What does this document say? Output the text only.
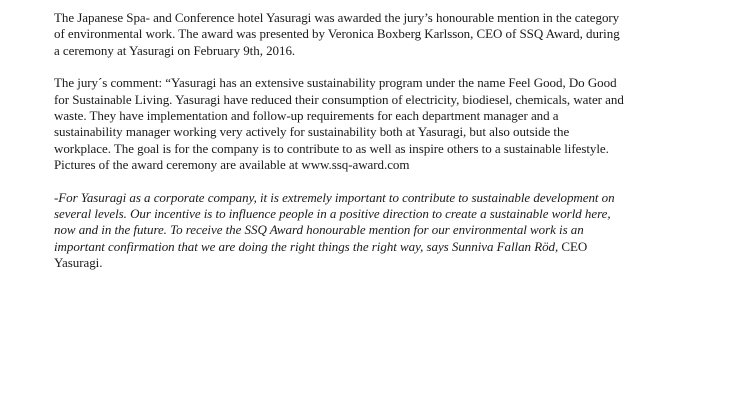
The Japanese Spa- and Conference hotel Yasuragi was awarded the jury’s honourable mention in the category of environmental work. The award was presented by Veronica Boxberg Karlsson, CEO of SSQ Award, during a ceremony at Yasuragi on February 9th, 2016.

The jury´s comment: “Yasuragi has an extensive sustainability program under the name Feel Good, Do Good for Sustainable Living. Yasuragi have reduced their consumption of electricity, biodiesel, chemicals, water and waste. They have implementation and follow-up requirements for each department manager and a sustainability manager working very actively for sustainability both at Yasuragi, but also outside the workplace. The goal is for the company is to contribute to as well as inspire others to a sustainable lifestyle. Pictures of the award ceremony are available at www.ssq-award.com

-For Yasuragi as a corporate company, it is extremely important to contribute to sustainable development on several levels. Our incentive is to influence people in a positive direction to create a sustainable world here, now and in the future. To receive the SSQ Award honourable mention for our environmental work is an important confirmation that we are doing the right things the right way, says Sunniva Fallan Röd, CEO Yasuragi.
